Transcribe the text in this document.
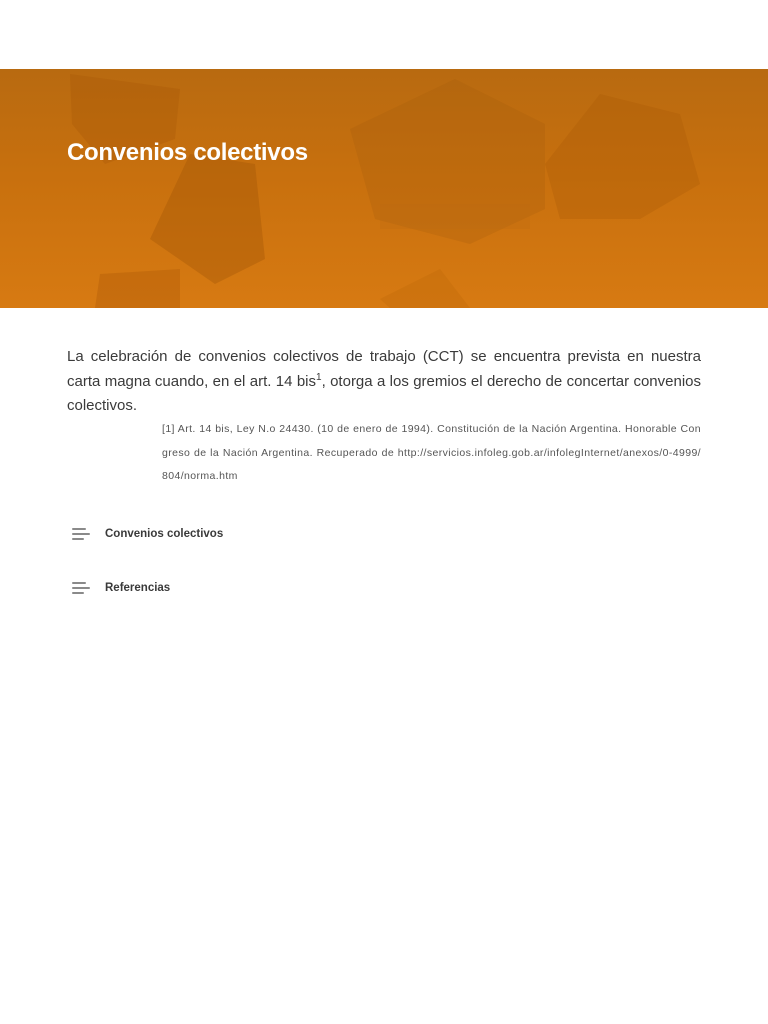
Convenios colectivos

La celebración de convenios colectivos de trabajo (CCT) se encuentra prevista en nuestra carta magna cuando, en el art. 14 bis$^1$, otorga a los gremios el derecho de concertar convenios colectivos.

[1] Art. 14 bis, Ley N.o 24430. (10 de enero de 1994). Constitución de la Nación Argentina. Honorable Congreso de la Nación Argentina. Recuperado de http://servicios.infoleg.gob.ar/infolegInternet/anexos/0-4999/804/norma.htm

Convenios colectivos
Referencias
